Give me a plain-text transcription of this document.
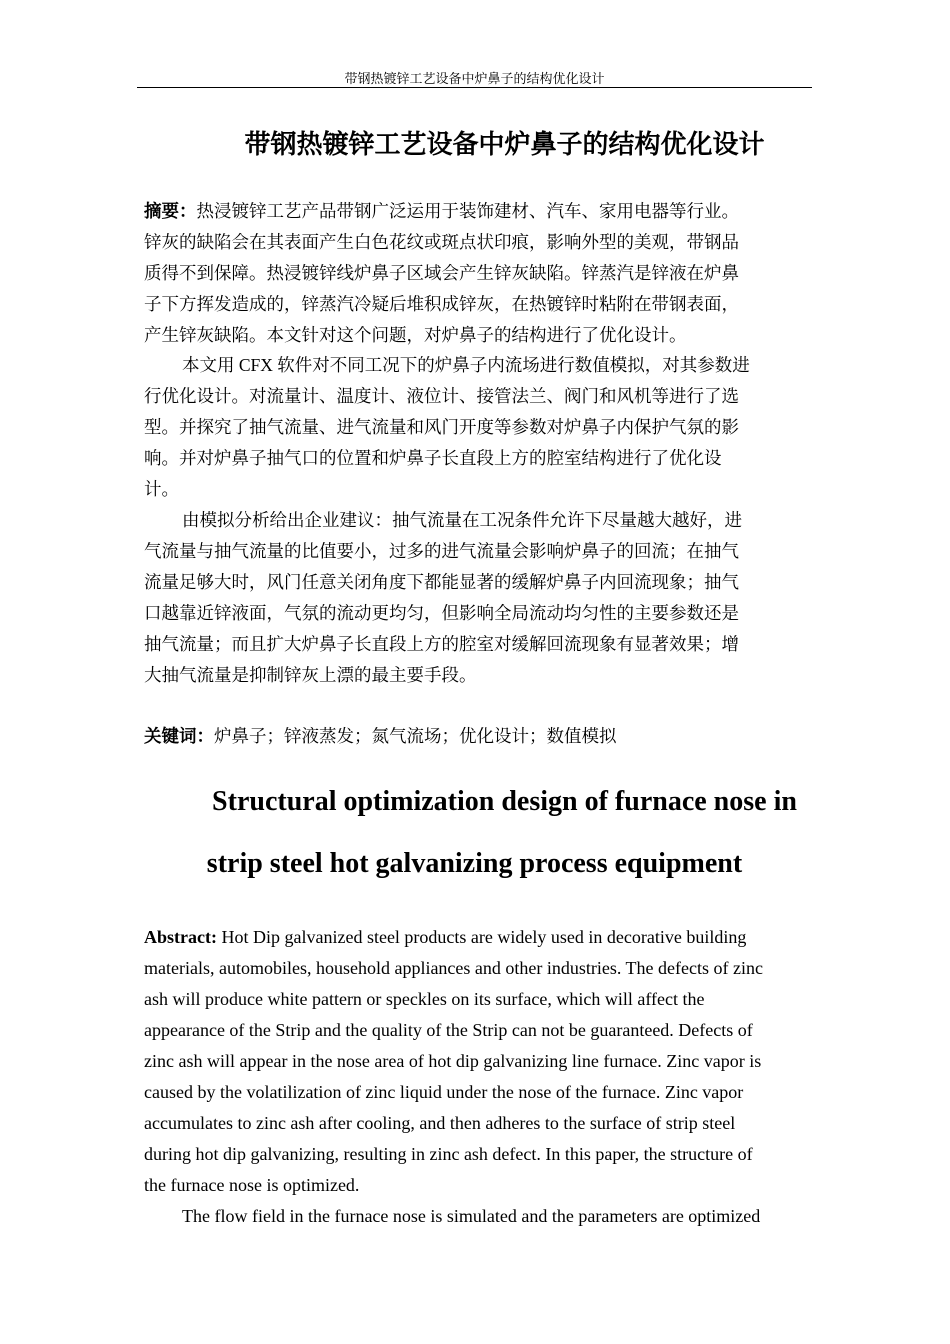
带钢热镀锌工艺设备中炉鼻子的结构优化设计
带钢热镀锌工艺设备中炉鼻子的结构优化设计
摘要：热浸镀锌工艺产品带钢广泛运用于装饰建材、汽车、家用电器等行业。
锌灰的缺陷会在其表面产生白色花纹或斑点状印痕，影响外型的美观，带钢品
质得不到保障。热浸镀锌线炉鼻子区域会产生锌灰缺陷。锌蒸汽是锌液在炉鼻
子下方挥发造成的，锌蒸汽冷疑后堆积成锌灰，在热镀锌时粘附在带钢表面，
产生锌灰缺陷。本文针对这个问题，对炉鼻子的结构进行了优化设计。
本文用 CFX 软件对不同工况下的炉鼻子内流场进行数值模拟，对其参数进
行优化设计。对流量计、温度计、液位计、接管法兰、阀门和风机等进行了选
型。并探究了抽气流量、进气流量和风门开度等参数对炉鼻子内保护气氛的影
响。并对炉鼻子抽气口的位置和炉鼻子长直段上方的腔室结构进行了优化设
计。
由模拟分析给出企业建议：抽气流量在工况条件允许下尽量越大越好，进
气流量与抽气流量的比值要小，过多的进气流量会影响炉鼻子的回流；在抽气
流量足够大时，风门任意关闭角度下都能显著的缓解炉鼻子内回流现象；抽气
口越靠近锌液面，气氛的流动更均匀，但影响全局流动均匀性的主要参数还是
抽气流量；而且扩大炉鼻子长直段上方的腔室对缓解回流现象有显著效果；增
大抽气流量是抑制锌灰上漂的最主要手段。
关键词：炉鼻子；锌液蒸发；氮气流场；优化设计；数值模拟
Structural optimization design of furnace nose in
strip steel hot galvanizing process equipment
Abstract: Hot Dip galvanized steel products are widely used in decorative building
materials, automobiles, household appliances and other industries. The defects of zinc
ash will produce white pattern or speckles on its surface, which will affect the
appearance of the Strip and the quality of the Strip can not be guaranteed. Defects of
zinc ash will appear in the nose area of hot dip galvanizing line furnace. Zinc vapor is
caused by the volatilization of zinc liquid under the nose of the furnace. Zinc vapor
accumulates to zinc ash after cooling, and then adheres to the surface of strip steel
during hot dip galvanizing, resulting in zinc ash defect. In this paper, the structure of
the furnace nose is optimized.
The flow field in the furnace nose is simulated and the parameters are optimized
